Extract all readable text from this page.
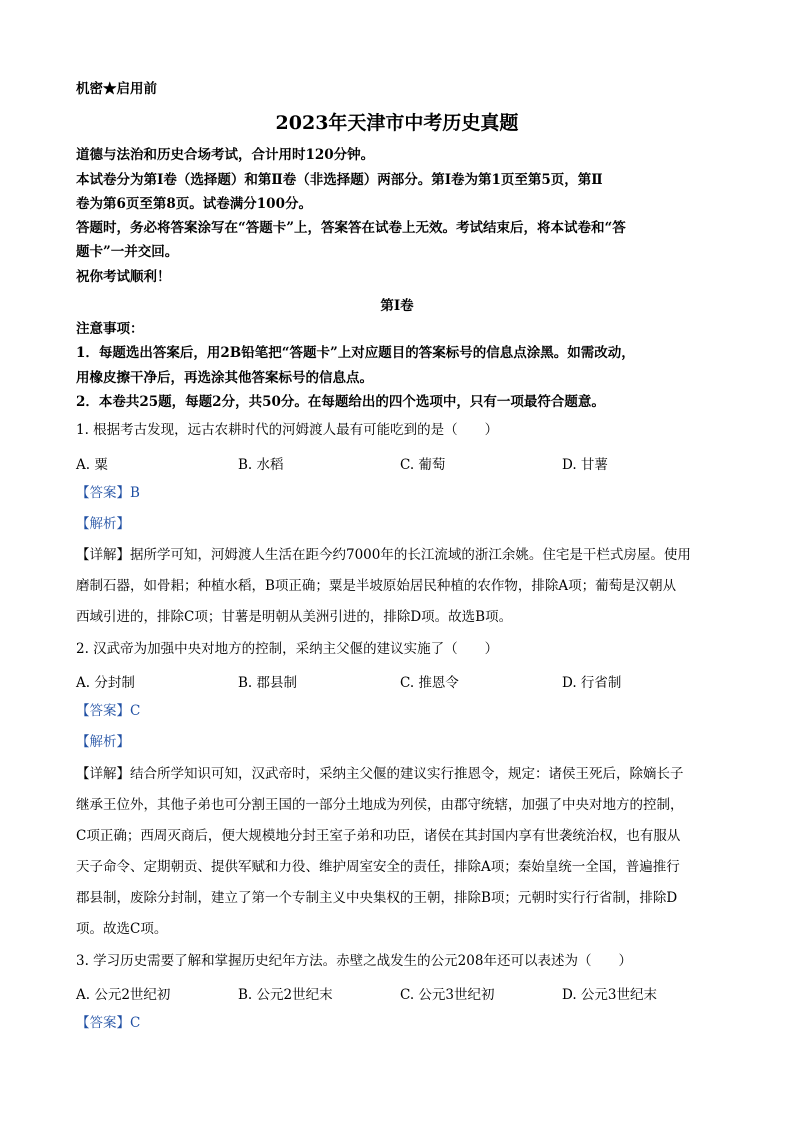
机密★启用前
2023年天津市中考历史真题
道德与法治和历史合场考试，合计用时120分钟。
本试卷分为第Ⅰ卷（选择题）和第Ⅱ卷（非选择题）两部分。第Ⅰ卷为第1页至第5页，第Ⅱ
卷为第6页至第8页。试卷满分100分。
答题时，务必将答案涂写在“答题卡”上，答案答在试卷上无效。考试结束后，将本试卷和“答
题卡”一并交回。
祝你考试顺利！
第Ⅰ卷
注意事项：
1．每题选出答案后，用2B铅笔把“答题卡”上对应题目的答案标号的信息点涂黑。如需改动，
用橡皮擦干净后，再选涂其他答案标号的信息点。
2．本卷共25题，每题2分，共50分。在每题给出的四个选项中，只有一项最符合题意。
1. 根据考古发现，远古农耕时代的河姆渡人最有可能吃到的是（　　）
A. 粟	B. 水稻	C. 葡萄	D. 甘薯
【答案】B
【解析】
【详解】据所学可知，河姆渡人生活在距今约7000年的长江流域的浙江余姚。住宅是干栏式房屋。使用
磨制石器，如骨耜；种植水稻，B项正确；粟是半坡原始居民种植的农作物，排除A项；葡萄是汉朝从
西域引进的，排除C项；甘薯是明朝从美洲引进的，排除D项。故选B项。
2. 汉武帝为加强中央对地方的控制，采纳主父偃的建议实施了（　　）
A. 分封制	B. 郡县制	C. 推恩令	D. 行省制
【答案】C
【解析】
【详解】结合所学知识可知，汉武帝时，采纳主父偃的建议实行推恩令，规定：诸侯王死后，除嫡长子
继承王位外，其他子弟也可分割王国的一部分土地成为列侯，由郡守统辖，加强了中央对地方的控制，
C项正确；西周灭商后，便大规模地分封王室子弟和功臣，诸侯在其封国内享有世袭统治权，也有服从
天子命令、定期朝贡、提供军赋和力役、维护周室安全的责任，排除A项；秦始皇统一全国，普遍推行
郡县制，废除分封制，建立了第一个专制主义中央集权的王朝，排除B项；元朝时实行行省制，排除D
项。故选C项。
3. 学习历史需要了解和掌握历史纪年方法。赤壁之战发生的公元208年还可以表述为（　　）
A. 公元2世纪初	B. 公元2世纪末	C. 公元3世纪初	D. 公元3世纪末
【答案】C
